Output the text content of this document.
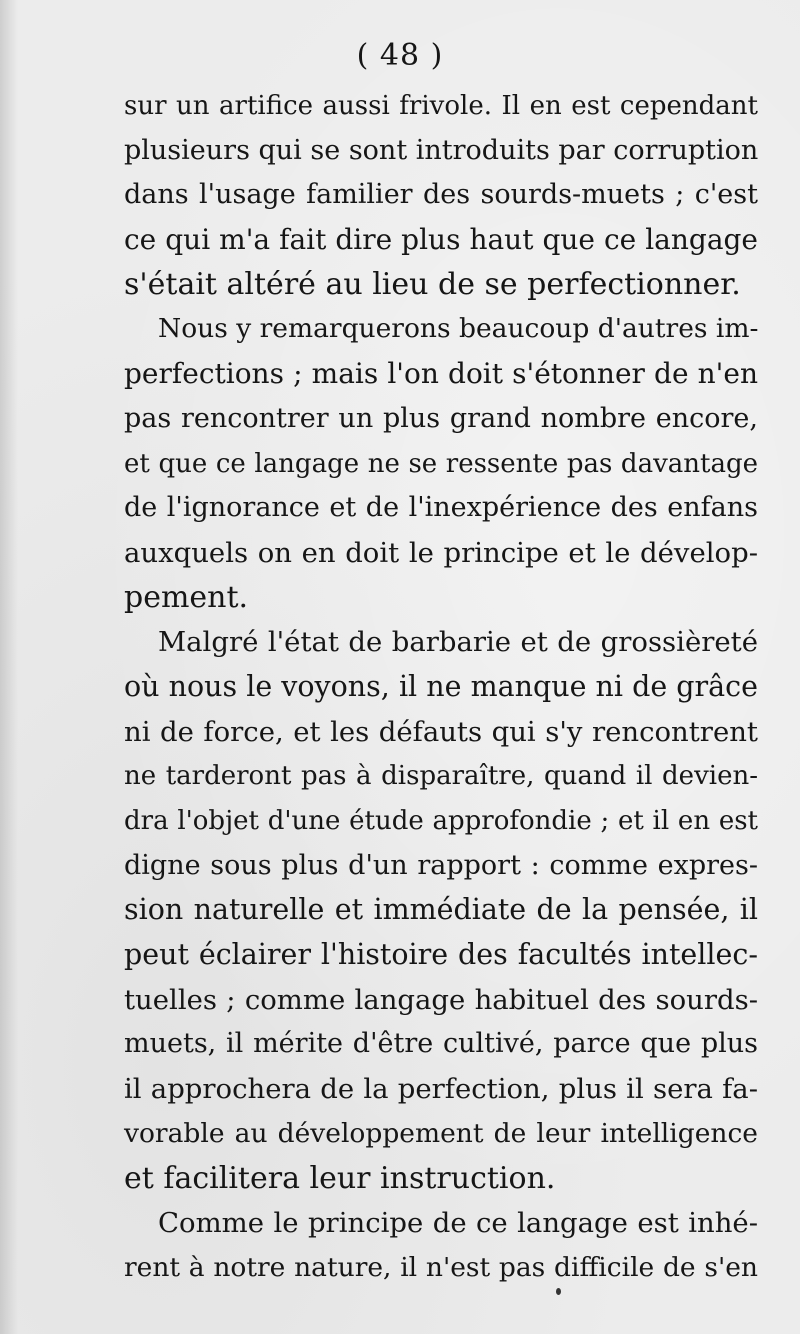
( 48 )
sur un artifice aussi frivole. Il en est cependant
plusieurs qui se sont introduits par corruption
dans l'usage familier des sourds-muets ; c'est
ce qui m'a fait dire plus haut que ce langage
s'était altéré au lieu de se perfectionner.
Nous y remarquerons beaucoup d'autres im-
perfections ; mais l'on doit s'étonner de n'en
pas rencontrer un plus grand nombre encore,
et que ce langage ne se ressente pas davantage
de l'ignorance et de l'inexpérience des enfans
auxquels on en doit le principe et le dévelop-
pement.
Malgré l'état de barbarie et de grossièreté
où nous le voyons, il ne manque ni de grâce
ni de force, et les défauts qui s'y rencontrent
ne tarderont pas à disparaître, quand il devien-
dra l'objet d'une étude approfondie ; et il en est
digne sous plus d'un rapport : comme expres-
sion naturelle et immédiate de la pensée, il
peut éclairer l'histoire des facultés intellec-
tuelles ; comme langage habituel des sourds-
muets, il mérite d'être cultivé, parce que plus
il approchera de la perfection, plus il sera fa-
vorable au développement de leur intelligence
et facilitera leur instruction.
Comme le principe de ce langage est inhé-
rent à notre nature, il n'est pas difficile de s'en
